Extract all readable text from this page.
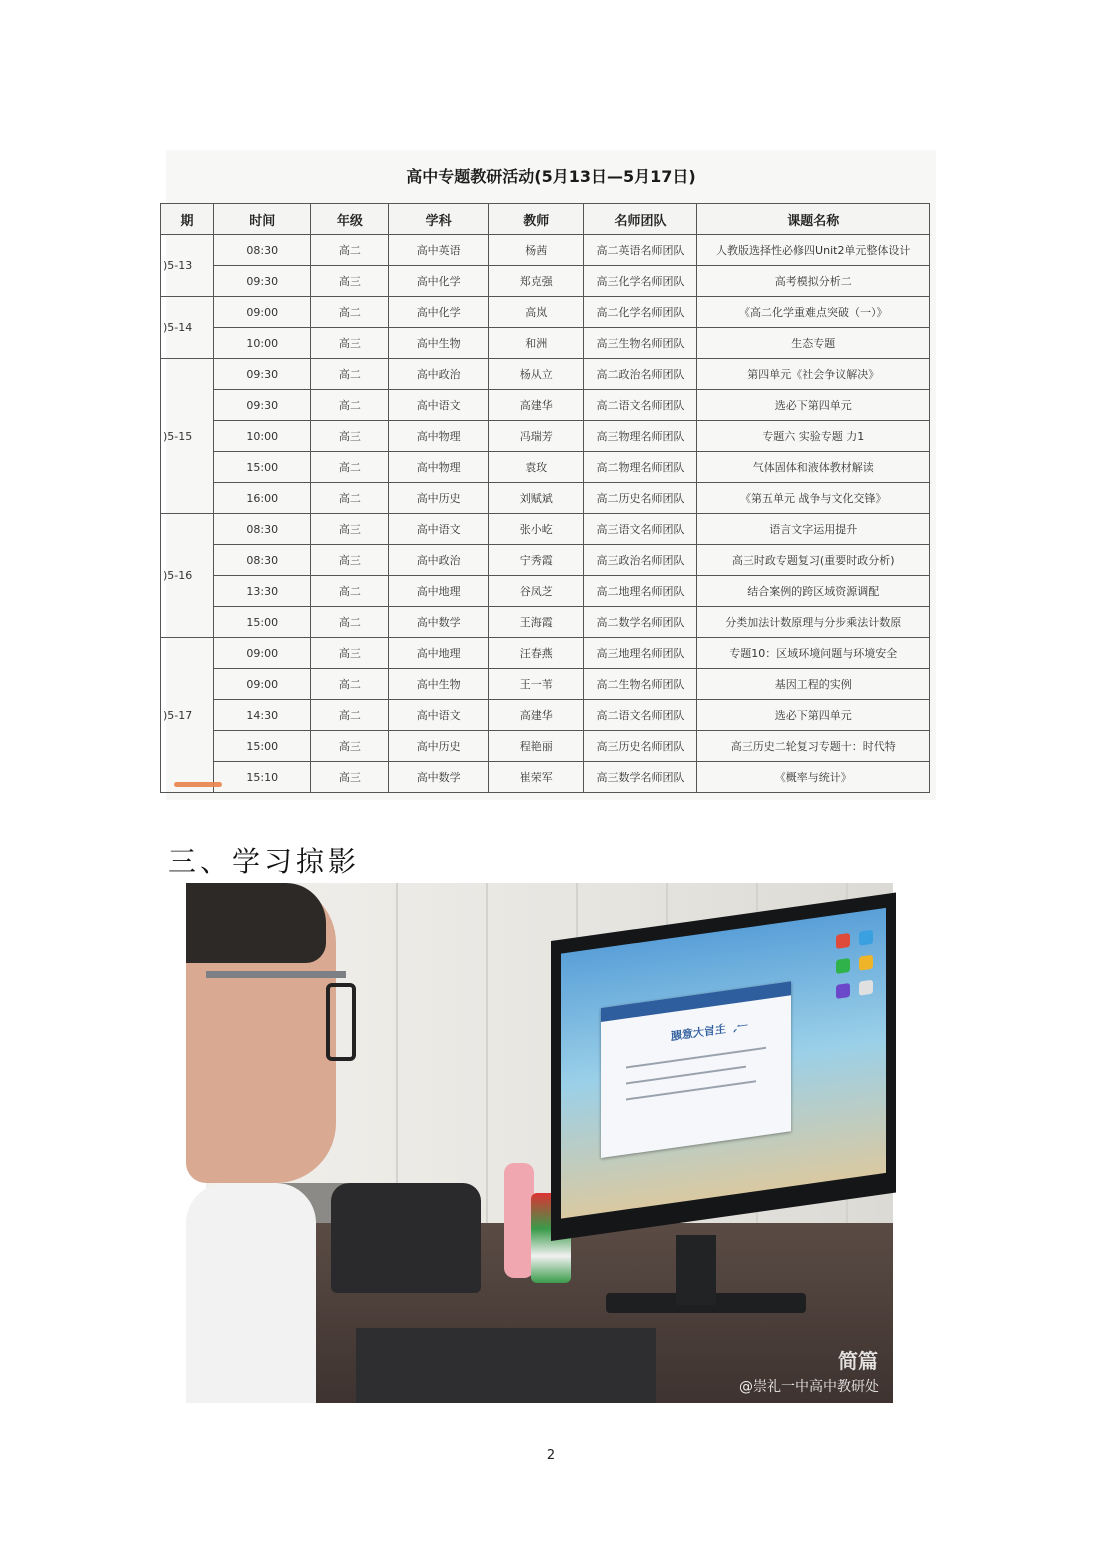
高中专题教研活动(5月13日—5月17日)
期	时间	年级	学科	教师	名师团队	课题名称
)5-13	08:30	高二	高中英语	杨茜	高二英语名师团队	人教版选择性必修四Unit2单元整体设计
	09:30	高三	高中化学	郑克强	高三化学名师团队	高考模拟分析二
)5-14	09:00	高二	高中化学	高岚	高二化学名师团队	《高二化学重难点突破（一）》
	10:00	高三	高中生物	和洲	高三生物名师团队	生态专题
)5-15	09:30	高二	高中政治	杨从立	高二政治名师团队	第四单元《社会争议解决》
	09:30	高二	高中语文	高建华	高二语文名师团队	选必下第四单元
	10:00	高三	高中物理	冯瑞芳	高三物理名师团队	专题六 实验专题 力1
	15:00	高二	高中物理	袁玫	高二物理名师团队	气体固体和液体教材解读
	16:00	高二	高中历史	刘赋斌	高二历史名师团队	《第五单元 战争与文化交锋》
)5-16	08:30	高三	高中语文	张小屹	高三语文名师团队	语言文字运用提升
	08:30	高三	高中政治	宁秀霞	高三政治名师团队	高三时政专题复习(重要时政分析)
	13:30	高二	高中地理	谷凤芝	高二地理名师团队	结合案例的跨区域资源调配
	15:00	高二	高中数学	王海霞	高二数学名师团队	分类加法计数原理与分步乘法计数原
)5-17	09:00	高三	高中地理	汪春燕	高三地理名师团队	专题10：区域环境问题与环境安全
	09:00	高二	高中生物	王一苇	高二生物名师团队	基因工程的实例
	14:30	高二	高中语文	高建华	高二语文名师团队	选必下第四单元
	15:00	高三	高中历史	程艳丽	高三历史名师团队	高三历史二轮复习专题十：时代特
	15:10	高三	高中数学	崔荣军	高三数学名师团队	《概率与统计》
三、学习掠影
一、主旨大意题
简篇
@崇礼一中高中教研处
2
